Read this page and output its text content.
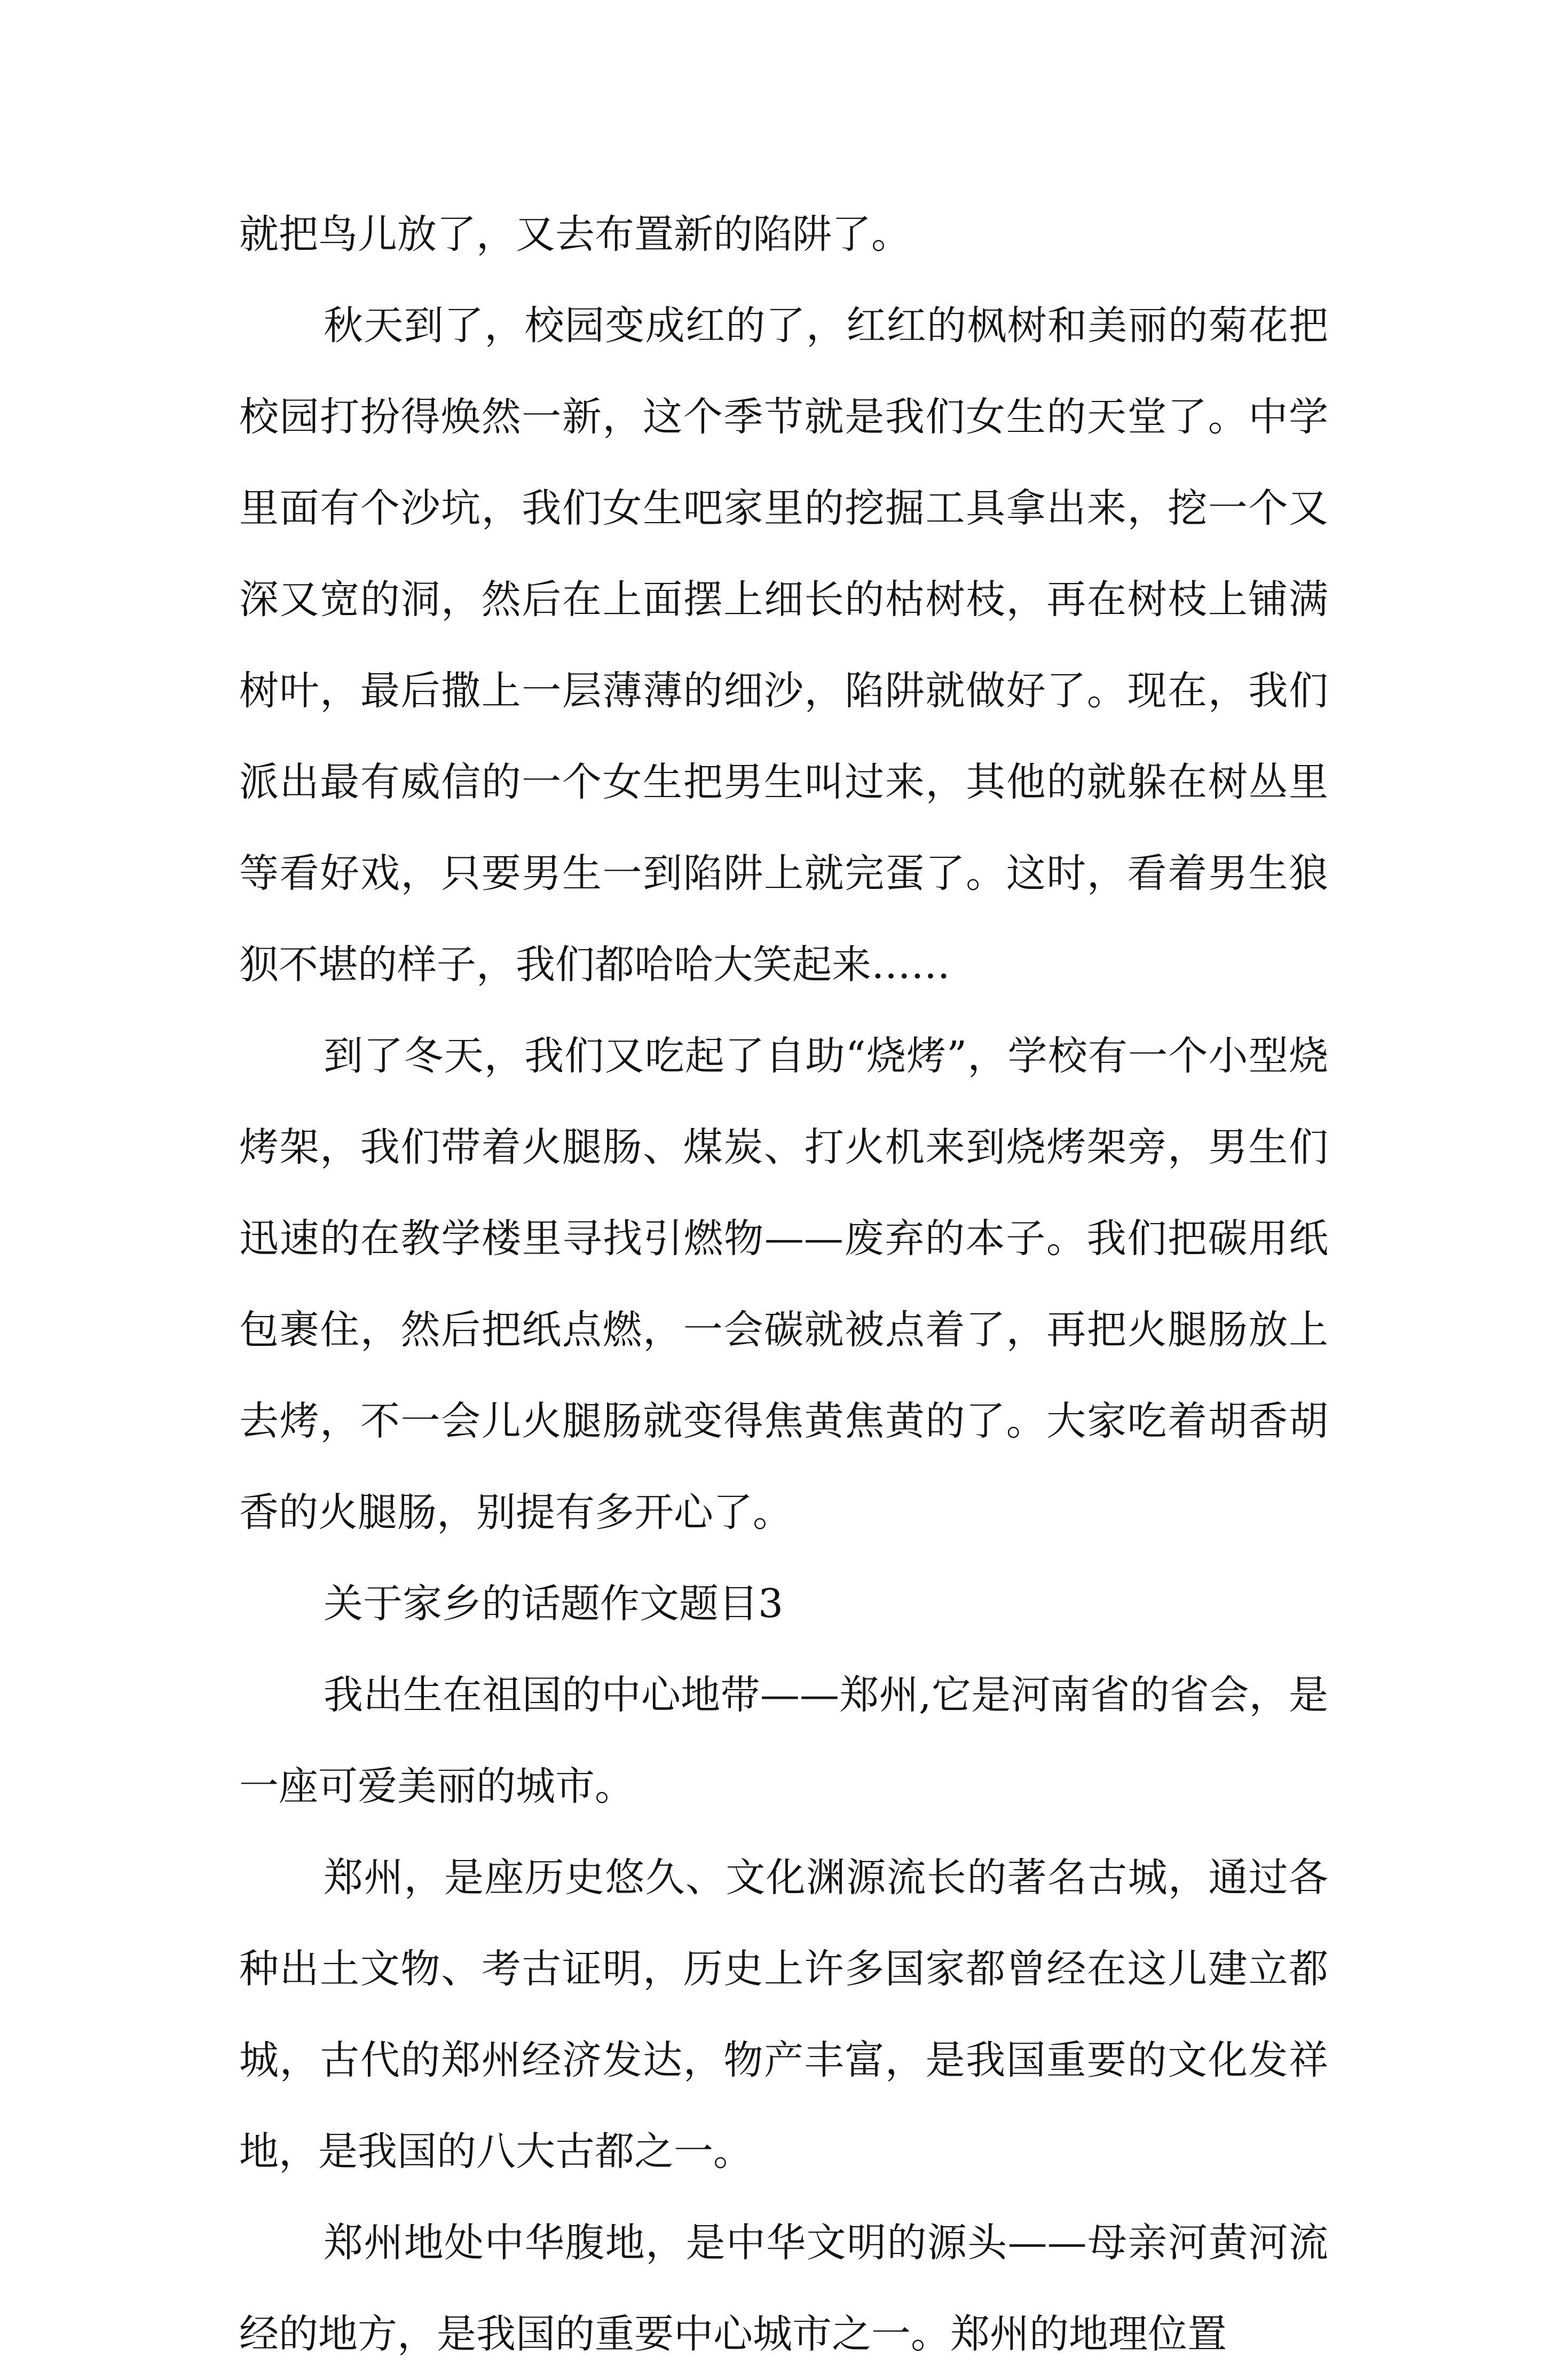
就把鸟儿放了，又去布置新的陷阱了。

秋天到了，校园变成红的了，红红的枫树和美丽的菊花把校园打扮得焕然一新，这个季节就是我们女生的天堂了。中学里面有个沙坑，我们女生吧家里的挖掘工具拿出来，挖一个又深又宽的洞，然后在上面摆上细长的枯树枝，再在树枝上铺满树叶，最后撒上一层薄薄的细沙，陷阱就做好了。现在，我们派出最有威信的一个女生把男生叫过来，其他的就躲在树丛里等看好戏，只要男生一到陷阱上就完蛋了。这时，看着男生狼狈不堪的样子，我们都哈哈大笑起来……

到了冬天，我们又吃起了自助“烧烤”，学校有一个小型烧烤架，我们带着火腿肠、煤炭、打火机来到烧烤架旁，男生们迅速的在教学楼里寻找引燃物——废弃的本子。我们把碳用纸包裹住，然后把纸点燃，一会碳就被点着了，再把火腿肠放上去烤，不一会儿火腿肠就变得焦黄焦黄的了。大家吃着胡香胡香的火腿肠，别提有多开心了。

关于家乡的话题作文题目3

我出生在祖国的中心地带——郑州,它是河南省的省会，是一座可爱美丽的城市。

郑州，是座历史悠久、文化渊源流长的著名古城，通过各种出土文物、考古证明，历史上许多国家都曾经在这儿建立都城，古代的郑州经济发达，物产丰富，是我国重要的文化发祥地，是我国的八大古都之一。

郑州地处中华腹地，是中华文明的源头——母亲河黄河流经的地方，是我国的重要中心城市之一。郑州的地理位置
